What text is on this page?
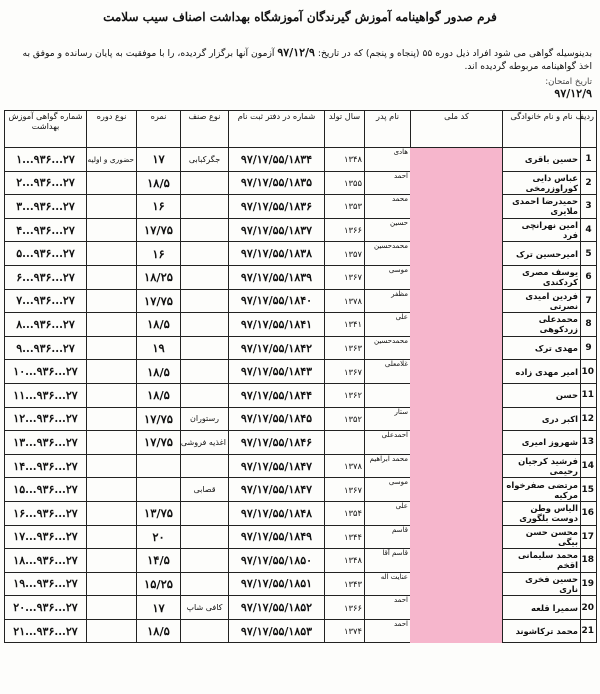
فرم صدور گواهینامه آموزش گیرندگان آموزشگاه بهداشت اصناف سیب سلامت
بدینوسیله گواهی می شود افراد ذیل دوره ۵۵ (پنجاه و پنجم) که در تاریخ: ۹۷/۱۲/۹ آزمون آنها برگزار گردیده، را با موفقیت به پایان رسانده و موفق به اخذ گواهینامه مربوطه گردیده اند.
تاریخ امتحان:
۹۷/۱۲/۹
ردیف	نام و نام خانوادگی	کد ملی	نام پدر	سال تولد	شماره در دفتر ثبت نام	نوع صنف	نمره	نوع دوره	شماره گواهی آموزش بهداشت
1	حسین باقری		هادی	۱۳۴۸	۹۷/۱۷/۵۵/۱۸۳۴	جگرکبابی	۱۷	حضوری و اولیه	۲۷...۹۳۶...۱
2	عباس دایی کوراوزرمخی		احمد	۱۳۵۵	۹۷/۱۷/۵۵/۱۸۳۵		۱۸/۵		۲۷...۹۳۶...۲
3	حمیدرضا احمدی ملایری		محمد	۱۳۵۳	۹۷/۱۷/۵۵/۱۸۳۶		۱۶		۲۷...۹۳۶...۳
4	امین نهرانچی فرد		حسین	۱۳۶۶	۹۷/۱۷/۵۵/۱۸۳۷		۱۷/۷۵		۲۷...۹۳۶...۴
5	امیرحسین ترک		محمدحسین	۱۳۵۷	۹۷/۱۷/۵۵/۱۸۳۸		۱۶		۲۷...۹۳۶...۵
6	یوسف مصری کردکندی		موسی	۱۳۶۷	۹۷/۱۷/۵۵/۱۸۳۹		۱۸/۲۵		۲۷...۹۳۶...۶
7	فردین امیدی نصرتی		مظفر	۱۳۷۸	۹۷/۱۷/۵۵/۱۸۴۰		۱۷/۷۵		۲۷...۹۳۶...۷
8	محمدعلی زردکوهی		علی	۱۳۴۱	۹۷/۱۷/۵۵/۱۸۴۱		۱۸/۵		۲۷...۹۳۶...۸
9	مهدی ترک		محمدحسین	۱۳۶۳	۹۷/۱۷/۵۵/۱۸۴۲		۱۹		۲۷...۹۳۶...۹
10	امیر مهدی زاده		غلامعلی	۱۳۶۷	۹۷/۱۷/۵۵/۱۸۴۳		۱۸/۵		۲۷...۹۳۶...۱۰
11	حسن			۱۳۶۲	۹۷/۱۷/۵۵/۱۸۴۴		۱۸/۵		۲۷...۹۳۶...۱۱
12	اکبر دری		ستار	۱۳۵۲	۹۷/۱۷/۵۵/۱۸۴۵	رستوران	۱۷/۷۵		۲۷...۹۳۶...۱۲
13	شهروز امیری		احمدعلی		۹۷/۱۷/۵۵/۱۸۴۶	اغذیه فروشی	۱۷/۷۵		۲۷...۹۳۶...۱۳
14	فرشید کرجیان رحیمی		محمد ابراهیم	۱۳۷۸	۹۷/۱۷/۵۵/۱۸۴۷				۲۷...۹۳۶...۱۴
15	مرتضی صفرخواه مرکیه		موسی	۱۳۶۷	۹۷/۱۷/۵۵/۱۸۴۷	قصابی			۲۷...۹۳۶...۱۵
16	الیاس وطن دوست بلگوری		علی	۱۳۵۴	۹۷/۱۷/۵۵/۱۸۴۸		۱۳/۷۵		۲۷...۹۳۶...۱۶
17	محسن حسن بیگی		قاسم	۱۳۴۴	۹۷/۱۷/۵۵/۱۸۴۹		۲۰		۲۷...۹۳۶...۱۷
18	محمد سلیمانی اقخم		قاسم آقا	۱۳۴۸	۹۷/۱۷/۵۵/۱۸۵۰		۱۴/۵		۲۷...۹۳۶...۱۸
19	حسین فخری ناری		عنایت اله	۱۳۴۳	۹۷/۱۷/۵۵/۱۸۵۱		۱۵/۲۵		۲۷...۹۳۶...۱۹
20	سمیرا قلعه		احمد	۱۳۶۶	۹۷/۱۷/۵۵/۱۸۵۲	کافی شاپ	۱۷		۲۷...۹۳۶...۲۰
21	محمد ترکاشوند		احمد	۱۳۷۴	۹۷/۱۷/۵۵/۱۸۵۳		۱۸/۵		۲۷...۹۳۶...۲۱
